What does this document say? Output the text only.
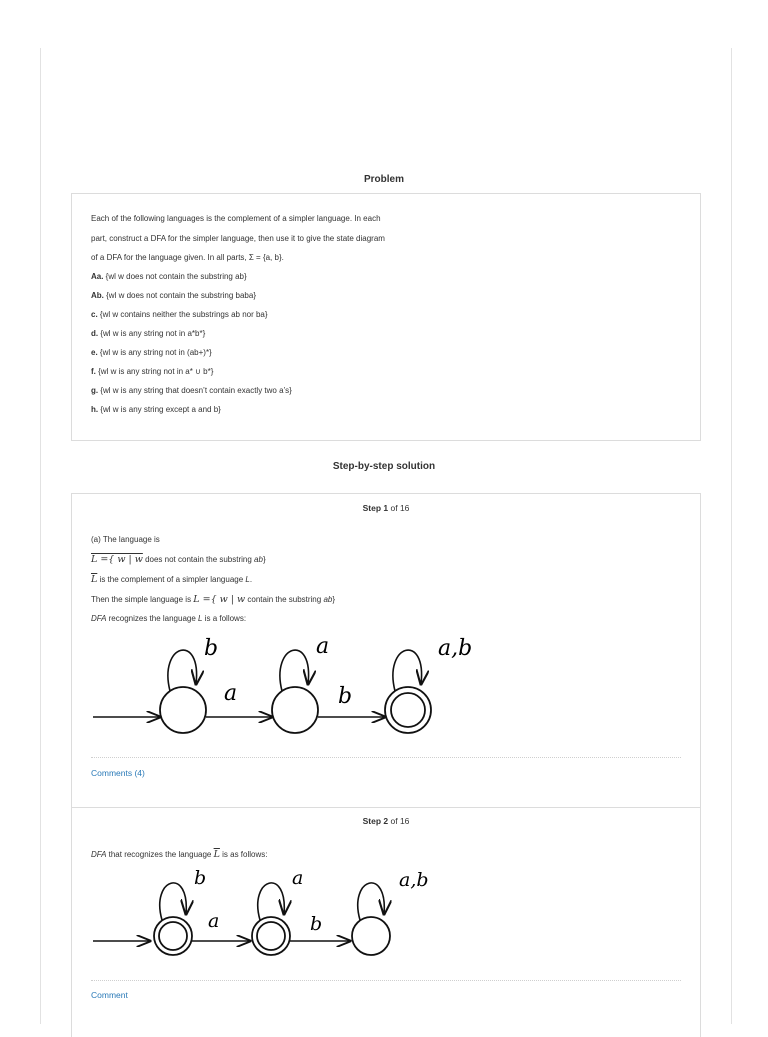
Problem
Each of the following languages is the complement of a simpler language. In each
part, construct a DFA for the simpler language, then use it to give the state diagram
of a DFA for the language given. In all parts, Σ = {a, b}.
Aa. {wl w does not contain the substring ab}
Ab. {wl w does not contain the substring baba}
c. {wl w contains neither the substrings ab nor ba}
d. {wl w is any string not in a*b*}
e. {wl w is any string not in (ab+)*}
f. {wl w is any string not in a* ∪ b*}
g. {wl w is any string that doesn’t contain exactly two a’s}
h. {wl w is any string except a and b}
Step-by-step solution
Step 1 of 16
(a) The language is
L ={ w | w does not contain the substring ab}
$\overline{L}$ is the complement of a simpler language L.
Then the simple language is L ={ w | w contain the substring ab}
DFA recognizes the language L is a follows:
b	a	a,b
a	b
Comments (4)
Step 2 of 16
DFA that recognizes the language $\overline{L}$ is as follows:
b	a	a,b
a	b
Comment
